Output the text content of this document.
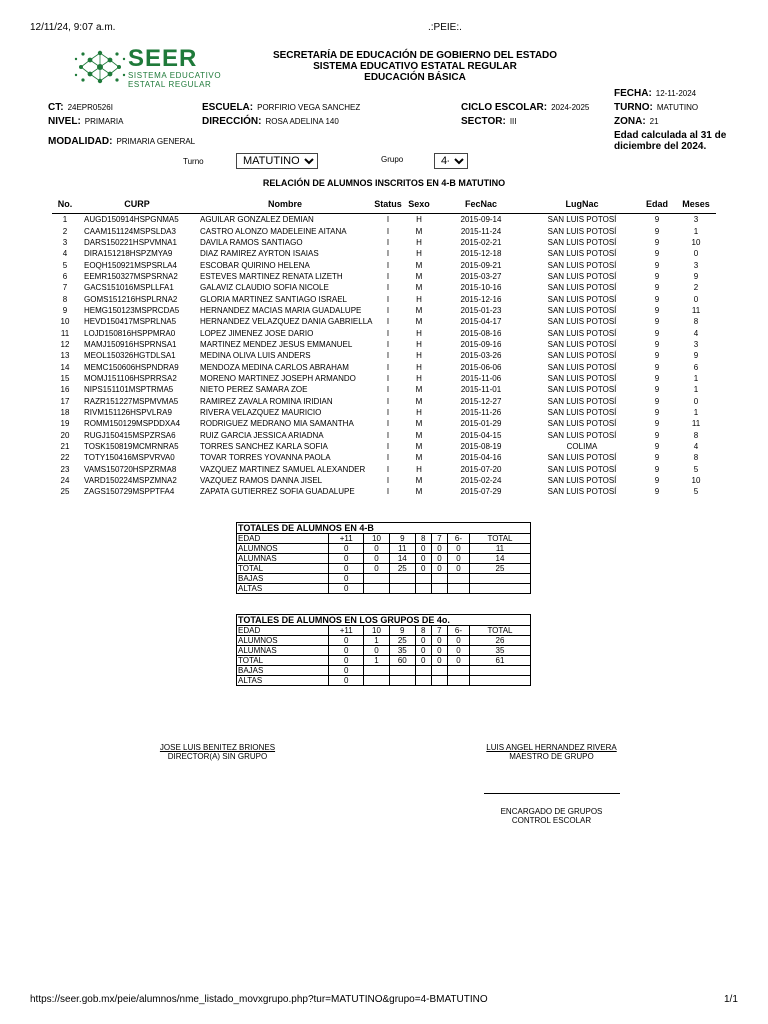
12/11/24, 9:07 a.m.	.:PEIE:.
SEER
SISTEMA EDUCATIVO
ESTATAL REGULAR
SECRETARÍA DE EDUCACIÓN DE GOBIERNO DEL ESTADO
SISTEMA EDUCATIVO ESTATAL REGULAR
EDUCACIÓN BÁSICA
FECHA: 12-11-2024
CT: 24EPR0526I	ESCUELA: PORFIRIO VEGA SANCHEZ	CICLO ESCOLAR: 2024-2025 TURNO: MATUTINO
NIVEL: PRIMARIA	DIRECCIÓN: ROSA ADELINA 140	SECTOR: III	ZONA: 21
Edad calculada al 31 de
diciembre del 2024.
MODALIDAD: PRIMARIA GENERAL
Turno
MATUTINO	Grupo
4-B
RELACIÓN DE ALUMNOS INSCRITOS EN 4-B MATUTINO
No.	CURP	Nombre	Status	Sexo	FecNac	LugNac	Edad	Meses
1	AUGD150914HSPGNMA5	AGUILAR GONZALEZ DEMIAN	I	H	2015-09-14	SAN LUIS POTOSÍ	9	3
2	CAAM151124MSPSLDA3	CASTRO ALONZO MADELEINE AITANA	I	M	2015-11-24	SAN LUIS POTOSÍ	9	1
3	DARS150221HSPVMNA1	DAVILA RAMOS SANTIAGO	I	H	2015-02-21	SAN LUIS POTOSÍ	9	10
4	DIRA151218HSPZMYA9	DIAZ RAMIREZ AYRTON ISAIAS	I	H	2015-12-18	SAN LUIS POTOSÍ	9	0
5	EOQH150921MSPSRLA4	ESCOBAR QUIRINO HELENA	I	M	2015-09-21	SAN LUIS POTOSÍ	9	3
6	EEMR150327MSPSRNA2	ESTEVES MARTINEZ RENATA LIZETH	I	M	2015-03-27	SAN LUIS POTOSÍ	9	9
7	GACS151016MSPLLFA1	GALAVIZ CLAUDIO SOFIA NICOLE	I	M	2015-10-16	SAN LUIS POTOSÍ	9	2
8	GOMS151216HSPLRNA2	GLORIA MARTINEZ SANTIAGO ISRAEL	I	H	2015-12-16	SAN LUIS POTOSÍ	9	0
9	HEMG150123MSPRCDA5	HERNANDEZ MACIAS MARIA GUADALUPE	I	M	2015-01-23	SAN LUIS POTOSÍ	9	11
10	HEVD150417MSPRLNA5	HERNANDEZ VELAZQUEZ DANIA GABRIELLA	I	M	2015-04-17	SAN LUIS POTOSÍ	9	8
11	LOJD150816HSPPMRA0	LOPEZ JIMENEZ JOSE DARIO	I	H	2015-08-16	SAN LUIS POTOSÍ	9	4
12	MAMJ150916HSPRNSA1	MARTINEZ MENDEZ JESUS EMMANUEL	I	H	2015-09-16	SAN LUIS POTOSÍ	9	3
13	MEOL150326HGTDLSA1	MEDINA OLIVA LUIS ANDERS	I	H	2015-03-26	SAN LUIS POTOSÍ	9	9
14	MEMC150606HSPNDRA9	MENDOZA MEDINA CARLOS ABRAHAM	I	H	2015-06-06	SAN LUIS POTOSÍ	9	6
15	MOMJ151106HSPRRSA2	MORENO MARTINEZ JOSEPH ARMANDO	I	H	2015-11-06	SAN LUIS POTOSÍ	9	1
16	NIPS151101MSPTRMA5	NIETO PEREZ SAMARA ZOE	I	M	2015-11-01	SAN LUIS POTOSÍ	9	1
17	RAZR151227MSPMVMA5	RAMIREZ ZAVALA ROMINA IRIDIAN	I	M	2015-12-27	SAN LUIS POTOSÍ	9	0
18	RIVM151126HSPVLRA9	RIVERA VELAZQUEZ MAURICIO	I	H	2015-11-26	SAN LUIS POTOSÍ	9	1
19	ROMM150129MSPDDXA4	RODRIGUEZ MEDRANO MIA SAMANTHA	I	M	2015-01-29	SAN LUIS POTOSÍ	9	11
20	RUGJ150415MSPZRSA6	RUIZ GARCIA JESSICA ARIADNA	I	M	2015-04-15	SAN LUIS POTOSÍ	9	8
21	TOSK150819MCMRNRA5	TORRES SANCHEZ KARLA SOFIA	I	M	2015-08-19	COLIMA	9	4
22	TOTY150416MSPVRVA0	TOVAR TORRES YOVANNA PAOLA	I	M	2015-04-16	SAN LUIS POTOSÍ	9	8
23	VAMS150720HSPZRMA8	VAZQUEZ MARTINEZ SAMUEL ALEXANDER	I	H	2015-07-20	SAN LUIS POTOSÍ	9	5
24	VARD150224MSPZMNA2	VAZQUEZ RAMOS DANNA JISEL	I	M	2015-02-24	SAN LUIS POTOSÍ	9	10
25	ZAGS150729MSPPTFA4	ZAPATA GUTIERREZ SOFIA GUADALUPE	I	M	2015-07-29	SAN LUIS POTOSÍ	9	5
TOTALES DE ALUMNOS EN 4-B							
EDAD	+11	10	9	8	7	6-	TOTAL
ALUMNOS	0	0	11	0	0	0	11
ALUMNAS	0	0	14	0	0	0	14
TOTAL	0	0	25	0	0	0	25
BAJAS	0						
ALTAS	0						
TOTALES DE ALUMNOS EN LOS GRUPOS DE 4o.							
EDAD	+11	10	9	8	7	6-	TOTAL
ALUMNOS	0	1	25	0	0	0	26
ALUMNAS	0	0	35	0	0	0	35
TOTAL	0	1	60	0	0	0	61
BAJAS	0						
ALTAS	0						
JOSE LUIS BENITEZ BRIONES
DIRECTOR(A) SIN GRUPO
LUIS ANGEL HERNANDEZ RIVERA
MAESTRO DE GRUPO
ENCARGADO DE GRUPOS
CONTROL ESCOLAR
https://seer.gob.mx/peie/alumnos/nme_listado_movxgrupo.php?tur=MATUTINO&grupo=4-BMATUTINO	1/1
